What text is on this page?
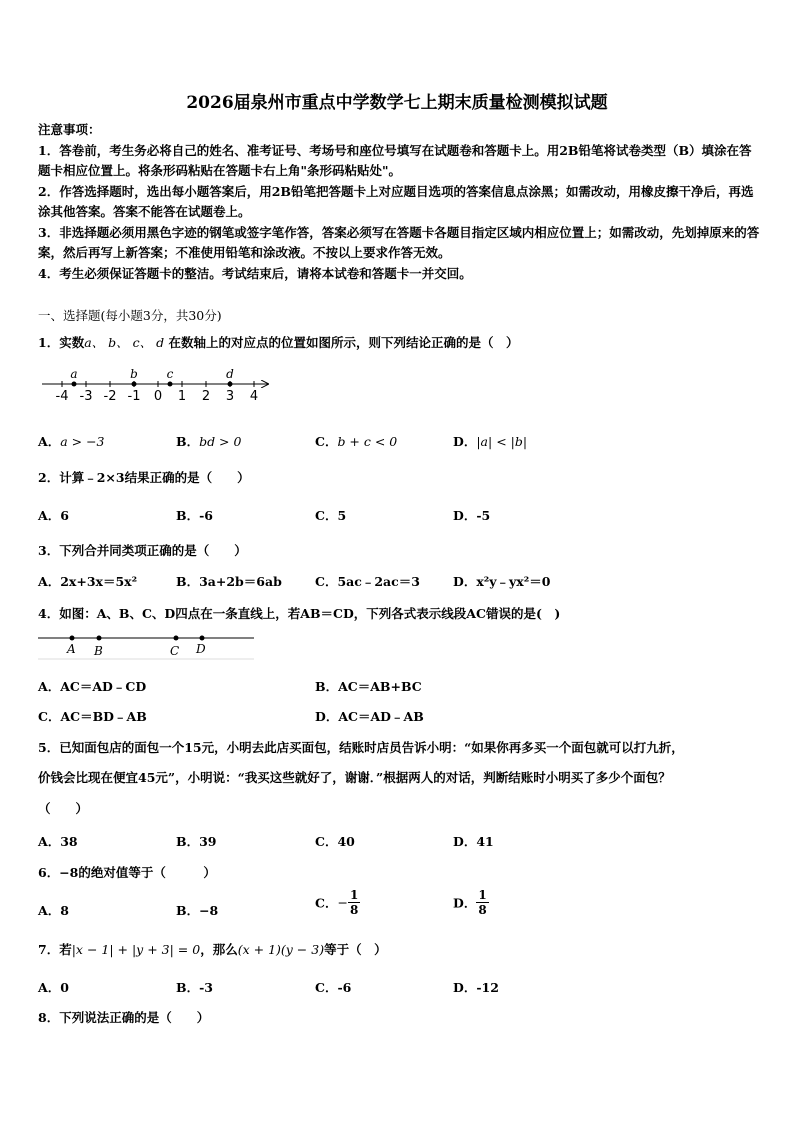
2026届泉州市重点中学数学七上期末质量检测模拟试题

注意事项：

1．答卷前，考生务必将自己的姓名、准考证号、考场号和座位号填写在试题卷和答题卡上。用2B铅笔将试卷类型（B）填涂在答题卡相应位置上。将条形码粘贴在答题卡右上角"条形码粘贴处"。

2．作答选择题时，选出每小题答案后，用2B铅笔把答题卡上对应题目选项的答案信息点涂黑；如需改动，用橡皮擦干净后，再选涂其他答案。答案不能答在试题卷上。

3．非选择题必须用黑色字迹的钢笔或签字笔作答，答案必须写在答题卡各题目指定区域内相应位置上；如需改动，先划掉原来的答案，然后再写上新答案；不准使用铅笔和涂改液。不按以上要求作答无效。

4．考生必须保证答题卡的整洁。考试结束后，请将本试卷和答题卡一并交回。

一、选择题(每小题3分，共30分)
1．实数a、 b、 c、 d 在数轴上的对应点的位置如图所示，则下列结论正确的是（　）
-4 -3 -2 -1 0 1 2 3 4
a	b c	d
A．a > −3	B．bd > 0	C．b + c < 0	D．|a| < |b|
2．计算﹣2×3结果正确的是（　　）
A．6	B．-6	C．5	D．-5
3．下列合并同类项正确的是（　　）
A．2x+3x＝5x²	B．3a+2b＝6ab	C．5ac﹣2ac＝3	D．x²y﹣yx²＝0
4．如图：A、B、C、D四点在一条直线上，若AB＝CD，下列各式表示线段AC错误的是(　)
A B	C D
A．AC＝AD﹣CD	B．AC＝AB+BC
C．AC＝BD﹣AB	D．AC＝AD﹣AB
5．已知面包店的面包一个15元，小明去此店买面包，结账时店员告诉小明：“如果你再多买一个面包就可以打九折，
价钱会比现在便宜45元”，小明说：“我买这些就好了，谢谢．”根据两人的对话，判断结账时小明买了多少个面包？
（　　）
A．38	B．39	C．40	D．41
6．−8的绝对值等于（　　　）
A．8	B．−8	C．− $\frac{1}{8}$	D． $\frac{1}{8}$
7．若|x − 1| + |y + 3| = 0，那么(x + 1)(y − 3)等于（　）
A．0	B．-3	C．-6	D．-12
8．下列说法正确的是（　　）
